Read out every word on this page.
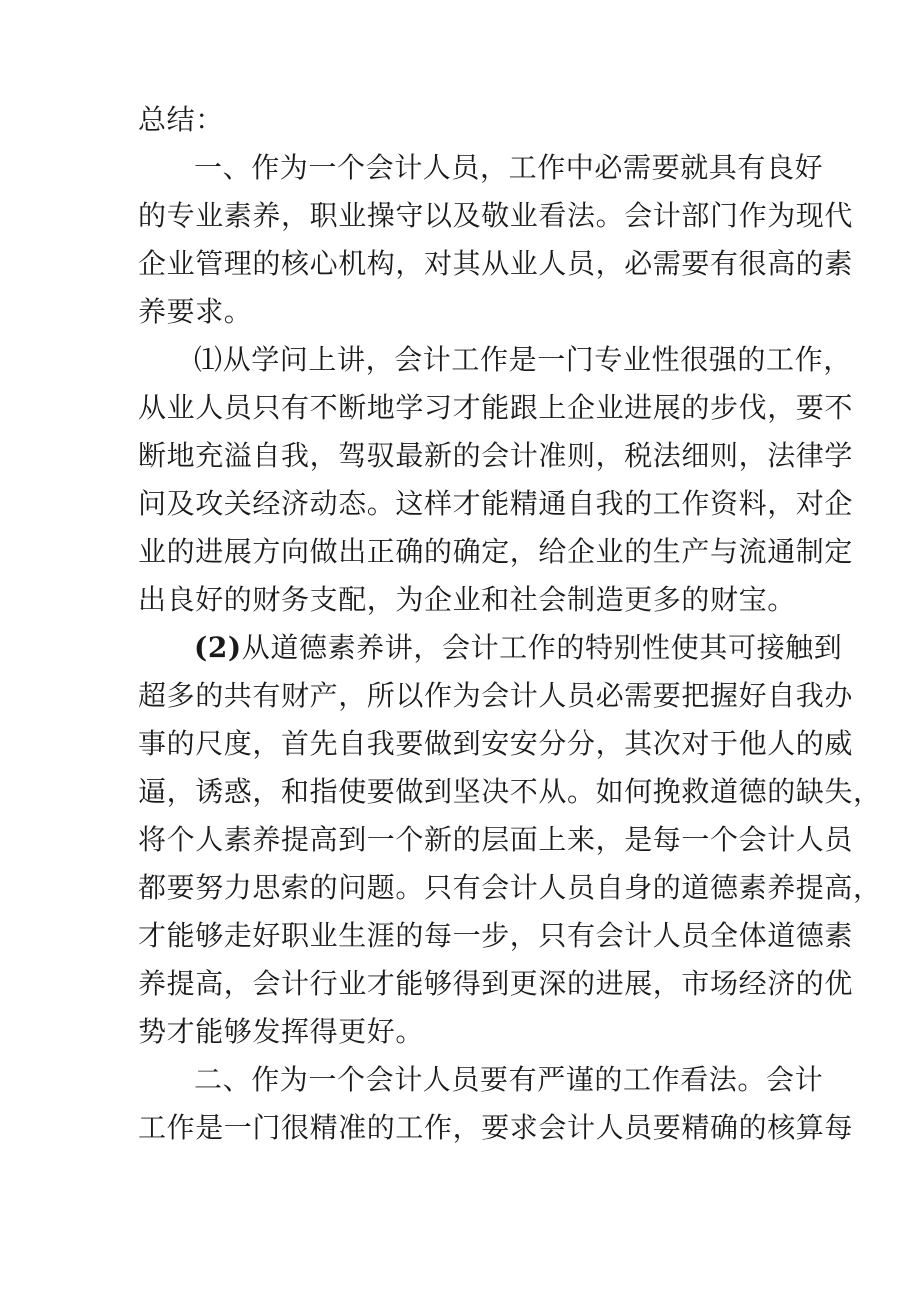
总结：
一、作为一个会计人员，工作中必需要就具有良好
的专业素养，职业操守以及敬业看法。会计部门作为现代
企业管理的核心机构，对其从业人员，必需要有很高的素
养要求。
⑴从学问上讲，会计工作是一门专业性很强的工作，
从业人员只有不断地学习才能跟上企业进展的步伐，要不
断地充溢自我，驾驭最新的会计准则，税法细则，法律学
问及攻关经济动态。这样才能精通自我的工作资料，对企
业的进展方向做出正确的确定，给企业的生产与流通制定
出良好的财务支配，为企业和社会制造更多的财宝。
(2)从道德素养讲，会计工作的特别性使其可接触到
超多的共有财产，所以作为会计人员必需要把握好自我办
事的尺度，首先自我要做到安安分分，其次对于他人的威
逼，诱惑，和指使要做到坚决不从。如何挽救道德的缺失，
将个人素养提高到一个新的层面上来，是每一个会计人员
都要努力思索的问题。只有会计人员自身的道德素养提高，
才能够走好职业生涯的每一步，只有会计人员全体道德素
养提高，会计行业才能够得到更深的进展，市场经济的优
势才能够发挥得更好。
二、作为一个会计人员要有严谨的工作看法。会计
工作是一门很精准的工作，要求会计人员要精确的核算每
